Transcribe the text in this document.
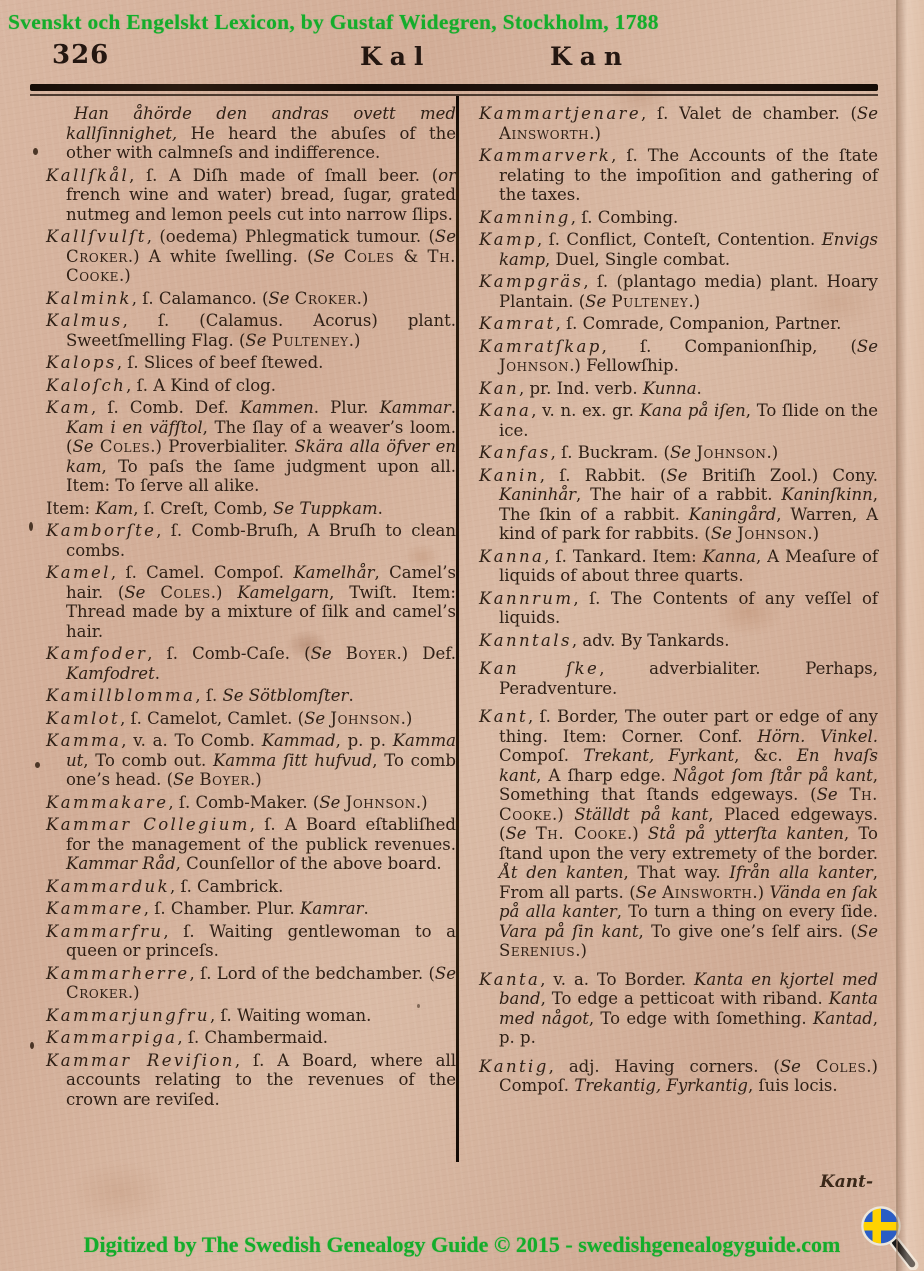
Svenskt och Engelskt Lexicon, by Gustaf Widegren, Stockholm, 1788
326	Kal	Kan

Han åhörde den andras ovett med kallſinnighet, He heard the abuſes of the other with calmneſs and indifference.

Kallſkål, ſ. A Diſh made of ſmall beer. (or french wine and water) bread, ſugar, grated nutmeg and lemon peels cut into narrow ſlips.

Kallſvulſt, (oedema) Phlegmatick tumour. (Se Croker.) A white ſwelling. (Se Coles & Th. Cooke.)

Kalmink, ſ. Calamanco. (Se Croker.)

Kalmus, ſ. (Calamus. Acorus) plant. Sweetſmelling Flag. (Se Pulteney.)

Kalops, ſ. Slices of beef ſtewed.

Kaloſch, ſ. A Kind of clog.

Kam, ſ. Comb. Def. Kammen. Plur. Kammar. Kam i en väfſtol, The ſlay of a weaver’s loom. (Se Coles.) Proverbialiter. Skära alla öfver en kam, To paſs the ſame judgment upon all. Item: To ſerve all alike.

Item: Kam, ſ. Creſt, Comb, Se Tuppkam.

Kamborſte, ſ. Comb-Bruſh, A Bruſh to clean combs.

Kamel, ſ. Camel. Compoſ. Kamelhår, Camel’s hair. (Se Coles.) Kamelgarn, Twiſt. Item: Thread made by a mixture of ſilk and camel’s hair.

Kamfoder, ſ. Comb-Caſe. (Se Boyer.) Def. Kamfodret.

Kamillblomma, ſ. Se Sötblomſter.

Kamlot, ſ. Camelot, Camlet. (Se Johnson.)

Kamma, v. a. To Comb. Kammad, p. p. Kamma ut, To comb out. Kamma ſitt hufvud, To comb one’s head. (Se Boyer.)

Kammakare, ſ. Comb-Maker. (Se Johnson.)

Kammar Collegium, ſ. A Board eſtabliſhed for the management of the publick revenues. Kammar Råd, Counſellor of the above board.

Kammarduk, ſ. Cambrick.

Kammare, ſ. Chamber. Plur. Kamrar.

Kammarfru, ſ. Waiting gentlewoman to a queen or princeſs.

Kammarherre, ſ. Lord of the bedchamber. (Se Croker.)

Kammarjungfru, ſ. Waiting woman.

Kammarpiga, ſ. Chambermaid.

Kammar Reviſion, ſ. A Board, where all accounts relating to the revenues of the crown are reviſed.

Kammartjenare, ſ. Valet de chamber. (Se Ainsworth.)

Kammarverk, ſ. The Accounts of the ſtate relating to the impoſition and gathering of the taxes.

Kamning, ſ. Combing.

Kamp, ſ. Conflict, Conteſt, Contention. Envigs kamp, Duel, Single combat.

Kampgräs, ſ. (plantago media) plant. Hoary Plantain. (Se Pulteney.)

Kamrat, ſ. Comrade, Companion, Partner.

Kamratſkap, ſ. Companionſhip, (Se Johnson.) Fellowſhip.

Kan, pr. Ind. verb. Kunna.

Kana, v. n. ex. gr. Kana på iſen, To ſlide on the ice.

Kanfas, ſ. Buckram. (Se Johnson.)

Kanin, ſ. Rabbit. (Se Britiſh Zool.) Cony. Kaninhår, The hair of a rabbit. Kaninſkinn, The ſkin of a rabbit. Kaningård, Warren, A kind of park for rabbits. (Se Johnson.)

Kanna, ſ. Tankard. Item: Kanna, A Meaſure of liquids of about three quarts.

Kannrum, ſ. The Contents of any veſſel of liquids.

Kanntals, adv. By Tankards.

Kan ſke, adverbialiter. Perhaps, Peradventure.

Kant, ſ. Border, The outer part or edge of any thing. Item: Corner. Conf. Hörn. Vinkel. Compoſ. Trekant, Fyrkant, &c. En hvaſs kant, A ſharp edge. Något ſom ſtår på kant, Something that ſtands edgeways. (Se Th. Cooke.) Ställdt på kant, Placed edgeways. (Se Th. Cooke.) Stå på ytterſta kanten, To ſtand upon the very extremety of the border. Åt den kanten, That way. Ifrån alla kanter, From all parts. (Se Ainsworth.) Vända en ſak på alla kanter, To turn a thing on every ſide. Vara på ſin kant, To give one’s ſelf airs. (Se Serenius.)

Kanta, v. a. To Border. Kanta en kjortel med band, To edge a petticoat with riband. Kanta med något, To edge with ſomething. Kantad, p. p.

Kantig, adj. Having corners. (Se Coles.) Compoſ. Trekantig, Fyrkantig, ſuis locis.

Kant-
Digitized by The Swedish Genealogy Guide © 2015 - swedishgenealogyguide.com
